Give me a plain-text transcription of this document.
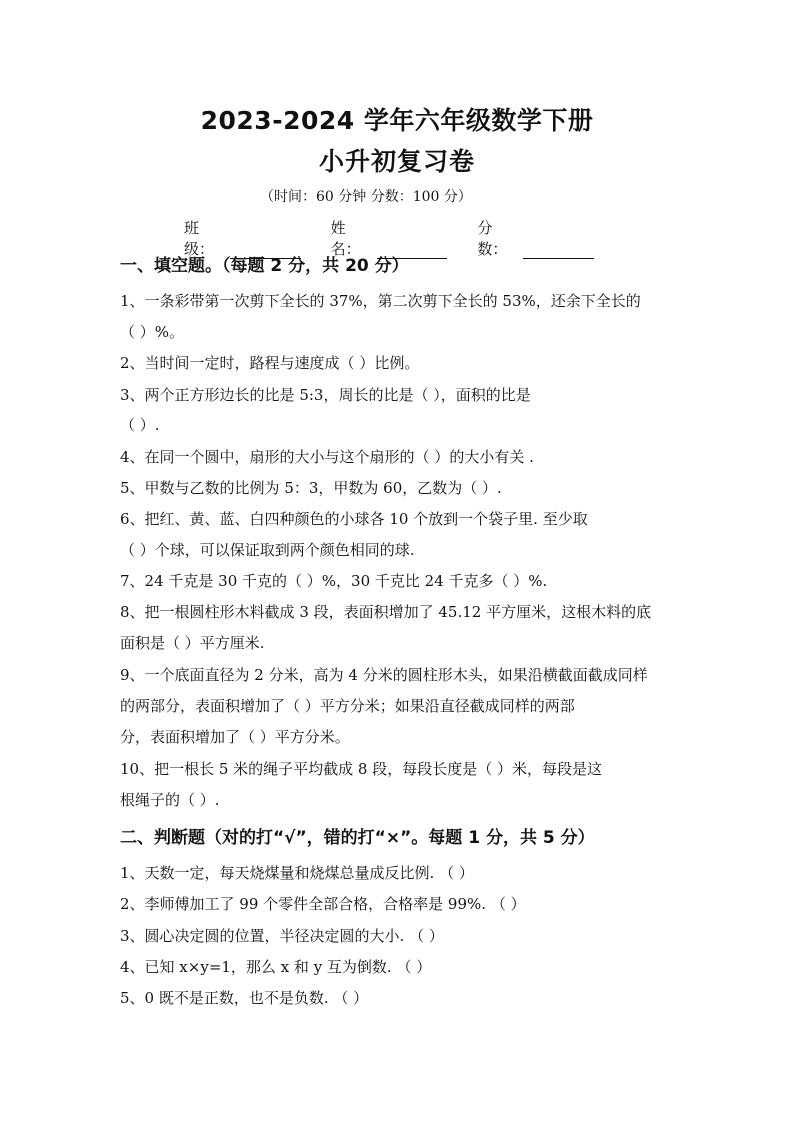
2023-2024 学年六年级数学下册
小升初复习卷
（时间：60 分钟 分数：100 分）
班级：
姓名：
分数：
一、填空题。（每题 2 分，共 20 分）
1、一条彩带第一次剪下全长的 37%，第二次剪下全长的 53%，还余下全长的
（ ）%。
2、当时间一定时，路程与速度成（ ）比例。
3、两个正方形边长的比是 5:3，周长的比是（ ），面积的比是
（ ）.
4、在同一个圆中，扇形的大小与这个扇形的（ ）的大小有关 .
5、甲数与乙数的比例为 5：3，甲数为 60，乙数为（ ）.
6、把红、黄、蓝、白四种颜色的小球各 10 个放到一个袋子里. 至少取
（ ）个球，可以保证取到两个颜色相同的球.
7、24 千克是 30 千克的（ ）%，30 千克比 24 千克多（ ）%.
8、把一根圆柱形木料截成 3 段，表面积增加了 45.12 平方厘米，这根木料的底
面积是（ ）平方厘米.
9、一个底面直径为 2 分米，高为 4 分米的圆柱形木头，如果沿横截面截成同样
的两部分，表面积增加了（ ）平方分米；如果沿直径截成同样的两部
分，表面积增加了（ ）平方分米。
10、把一根长 5 米的绳子平均截成 8 段，每段长度是（ ）米，每段是这
根绳子的（ ）.
二、判断题（对的打“√”，错的打“×”。每题 1 分，共 5 分）
1、天数一定，每天烧煤量和烧煤总量成反比例. （ ）
2、李师傅加工了 99 个零件全部合格，合格率是 99%. （ ）
3、圆心决定圆的位置，半径决定圆的大小. （ ）
4、已知 x×y=1，那么 x 和 y 互为倒数. （ ）
5、0 既不是正数，也不是负数. （ ）
